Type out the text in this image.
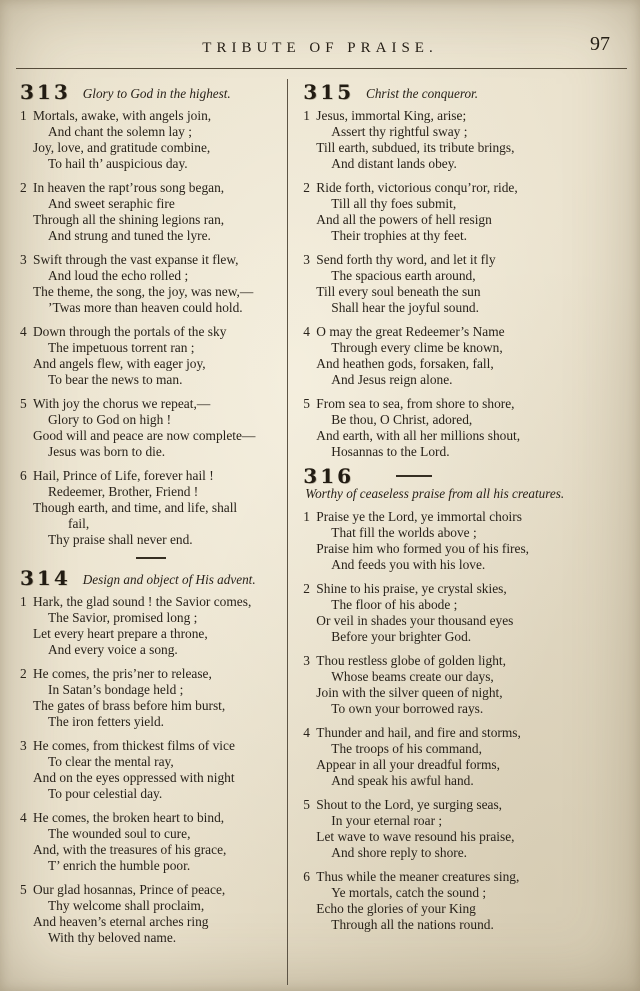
TRIBUTE OF PRAISE.	97
313 Glory to God in the highest.
1 Mortals, awake, with angels join,
And chant the solemn lay ;
Joy, love, and gratitude combine,
To hail th’ auspicious day.
2 In heaven the rapt’rous song began,
And sweet seraphic fire
Through all the shining legions ran,
And strung and tuned the lyre.
3 Swift through the vast expanse it flew,
And loud the echo rolled ;
The theme, the song, the joy, was new,—
’Twas more than heaven could hold.
4 Down through the portals of the sky
The impetuous torrent ran ;
And angels flew, with eager joy,
To bear the news to man.
5 With joy the chorus we repeat,—
Glory to God on high !
Good will and peace are now complete—
Jesus was born to die.
6 Hail, Prince of Life, forever hail !
Redeemer, Brother, Friend !
Though earth, and time, and life, shall
fail,
Thy praise shall never end.
314 Design and object of His advent.
1 Hark, the glad sound ! the Savior comes,
The Savior, promised long ;
Let every heart prepare a throne,
And every voice a song.
2 He comes, the pris’ner to release,
In Satan’s bondage held ;
The gates of brass before him burst,
The iron fetters yield.
3 He comes, from thickest films of vice
To clear the mental ray,
And on the eyes oppressed with night
To pour celestial day.
4 He comes, the broken heart to bind,
The wounded soul to cure,
And, with the treasures of his grace,
T’ enrich the humble poor.
5 Our glad hosannas, Prince of peace,
Thy welcome shall proclaim,
And heaven’s eternal arches ring
With thy beloved name.
315 Christ the conqueror.
1 Jesus, immortal King, arise;
Assert thy rightful sway ;
Till earth, subdued, its tribute brings,
And distant lands obey.
2 Ride forth, victorious conqu’ror, ride,
Till all thy foes submit,
And all the powers of hell resign
Their trophies at thy feet.
3 Send forth thy word, and let it fly
The spacious earth around,
Till every soul beneath the sun
Shall hear the joyful sound.
4 O may the great Redeemer’s Name
Through every clime be known,
And heathen gods, forsaken, fall,
And Jesus reign alone.
5 From sea to sea, from shore to shore,
Be thou, O Christ, adored,
And earth, with all her millions shout,
Hosannas to the Lord.
316
Worthy of ceaseless praise from all his creatures.
1 Praise ye the Lord, ye immortal choirs
That fill the worlds above ;
Praise him who formed you of his fires,
And feeds you with his love.
2 Shine to his praise, ye crystal skies,
The floor of his abode ;
Or veil in shades your thousand eyes
Before your brighter God.
3 Thou restless globe of golden light,
Whose beams create our days,
Join with the silver queen of night,
To own your borrowed rays.
4 Thunder and hail, and fire and storms,
The troops of his command,
Appear in all your dreadful forms,
And speak his awful hand.
5 Shout to the Lord, ye surging seas,
In your eternal roar ;
Let wave to wave resound his praise,
And shore reply to shore.
6 Thus while the meaner creatures sing,
Ye mortals, catch the sound ;
Echo the glories of your King
Through all the nations round.
